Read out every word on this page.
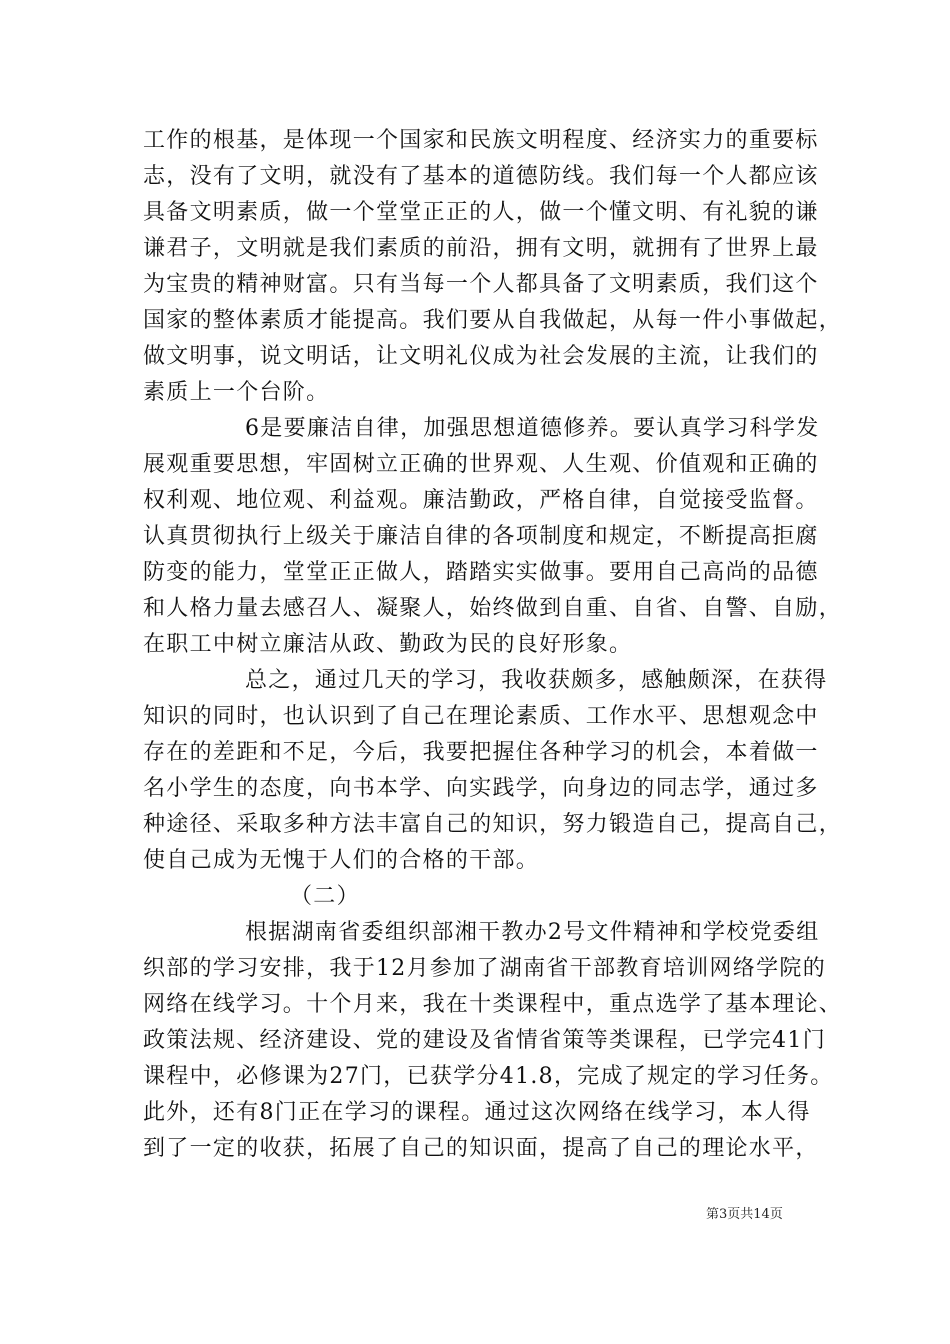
工作的根基，是体现一个国家和民族文明程度、经济实力的重要标
志，没有了文明，就没有了基本的道德防线。我们每一个人都应该
具备文明素质，做一个堂堂正正的人，做一个懂文明、有礼貌的谦
谦君子，文明就是我们素质的前沿，拥有文明，就拥有了世界上最
为宝贵的精神财富。只有当每一个人都具备了文明素质，我们这个
国家的整体素质才能提高。我们要从自我做起，从每一件小事做起，
做文明事，说文明话，让文明礼仪成为社会发展的主流，让我们的
素质上一个台阶。
6是要廉洁自律，加强思想道德修养。要认真学习科学发
展观重要思想，牢固树立正确的世界观、人生观、价值观和正确的
权利观、地位观、利益观。廉洁勤政，严格自律，自觉接受监督。
认真贯彻执行上级关于廉洁自律的各项制度和规定，不断提高拒腐
防变的能力，堂堂正正做人，踏踏实实做事。要用自己高尚的品德
和人格力量去感召人、凝聚人，始终做到自重、自省、自警、自励，
在职工中树立廉洁从政、勤政为民的良好形象。
总之，通过几天的学习，我收获颇多，感触颇深，在获得
知识的同时，也认识到了自己在理论素质、工作水平、思想观念中
存在的差距和不足，今后，我要把握住各种学习的机会，本着做一
名小学生的态度，向书本学、向实践学，向身边的同志学，通过多
种途径、采取多种方法丰富自己的知识，努力锻造自己，提高自己，
使自己成为无愧于人们的合格的干部。
（二）
根据湖南省委组织部湘干教办2号文件精神和学校党委组
织部的学习安排，我于12月参加了湖南省干部教育培训网络学院的
网络在线学习。十个月来，我在十类课程中，重点选学了基本理论、
政策法规、经济建设、党的建设及省情省策等类课程，已学完41门
课程中，必修课为27门，已获学分41.8，完成了规定的学习任务。
此外，还有8门正在学习的课程。通过这次网络在线学习，本人得
到了一定的收获，拓展了自己的知识面，提高了自己的理论水平，
第3页共14页
